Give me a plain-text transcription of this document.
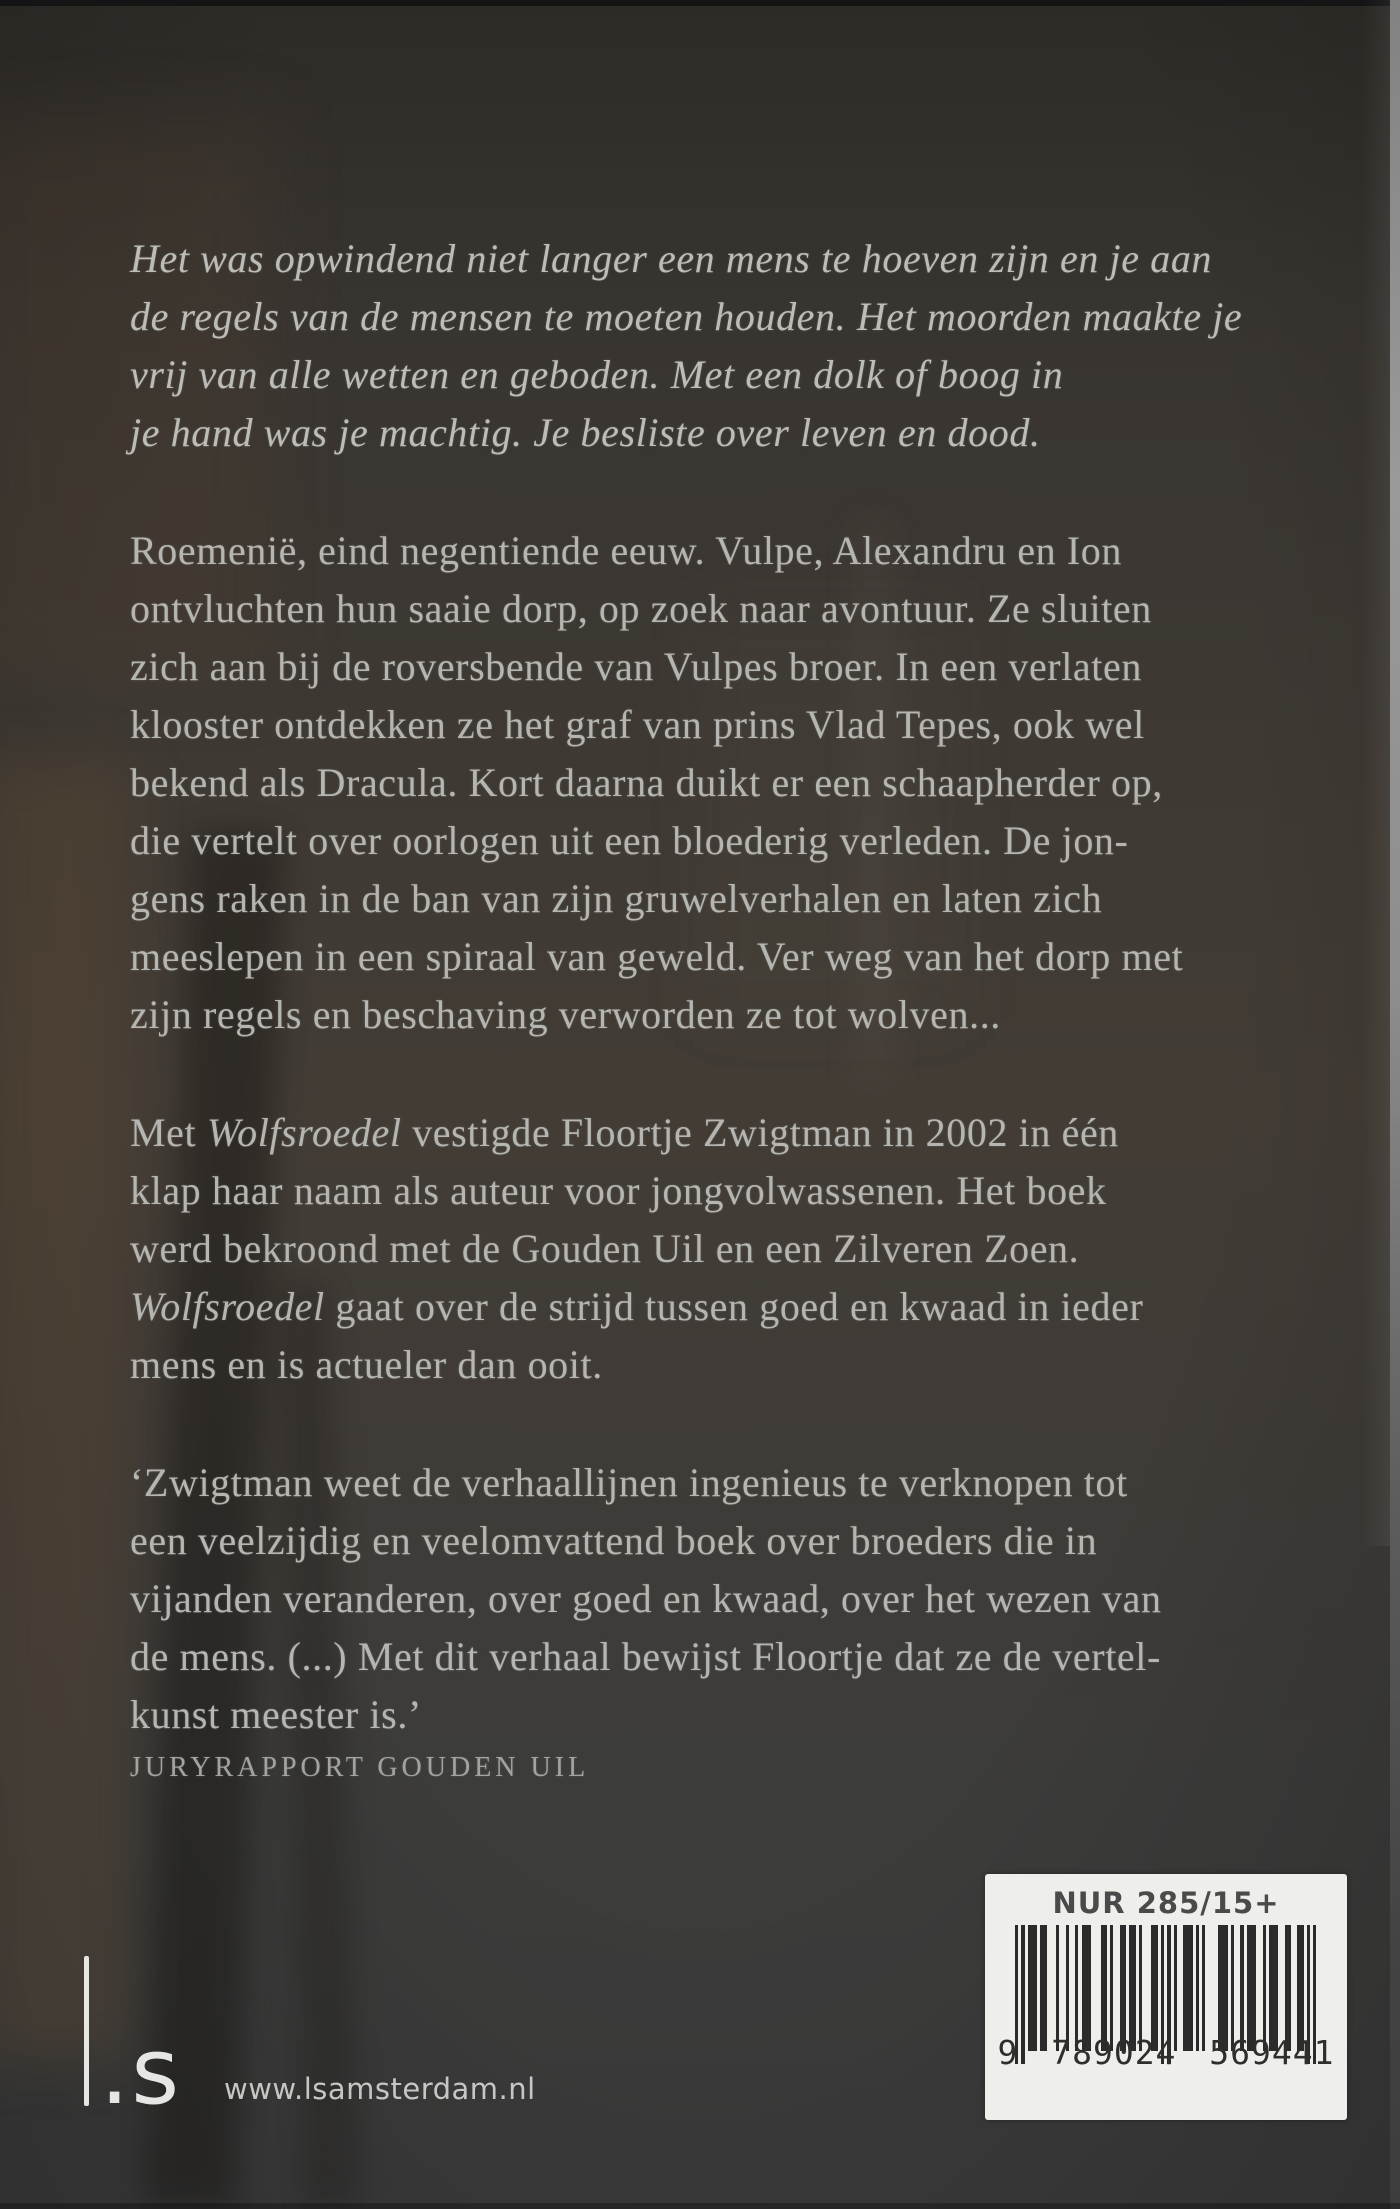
Het was opwindend niet langer een mens te hoeven zijn en je aan
de regels van de mensen te moeten houden. Het moorden maakte je
vrij van alle wetten en geboden. Met een dolk of boog in
je hand was je machtig. Je besliste over leven en dood.
Roemenië, eind negentiende eeuw. Vulpe, Alexandru en Ion
ontvluchten hun saaie dorp, op zoek naar avontuur. Ze sluiten
zich aan bij de roversbende van Vulpes broer. In een verlaten
klooster ontdekken ze het graf van prins Vlad Tepes, ook wel
bekend als Dracula. Kort daarna duikt er een schaapherder op,
die vertelt over oorlogen uit een bloederig verleden. De jon-
gens raken in de ban van zijn gruwelverhalen en laten zich
meeslepen in een spiraal van geweld. Ver weg van het dorp met
zijn regels en beschaving verworden ze tot wolven...
Met Wolfsroedel vestigde Floortje Zwigtman in 2002 in één
klap haar naam als auteur voor jongvolwassenen. Het boek
werd bekroond met de Gouden Uil en een Zilveren Zoen.
Wolfsroedel gaat over de strijd tussen goed en kwaad in ieder
mens en is actueler dan ooit.
‘Zwigtman weet de verhaallijnen ingenieus te verknopen tot
een veelzijdig en veelomvattend boek over broeders die in
vijanden veranderen, over goed en kwaad, over het wezen van
de mens. (...) Met dit verhaal bewijst Floortje dat ze de vertel-
kunst meester is.’
JURYRAPPORT GOUDEN UIL
NUR 285/15+
9 789024 569441
.s www.lsamsterdam.nl
